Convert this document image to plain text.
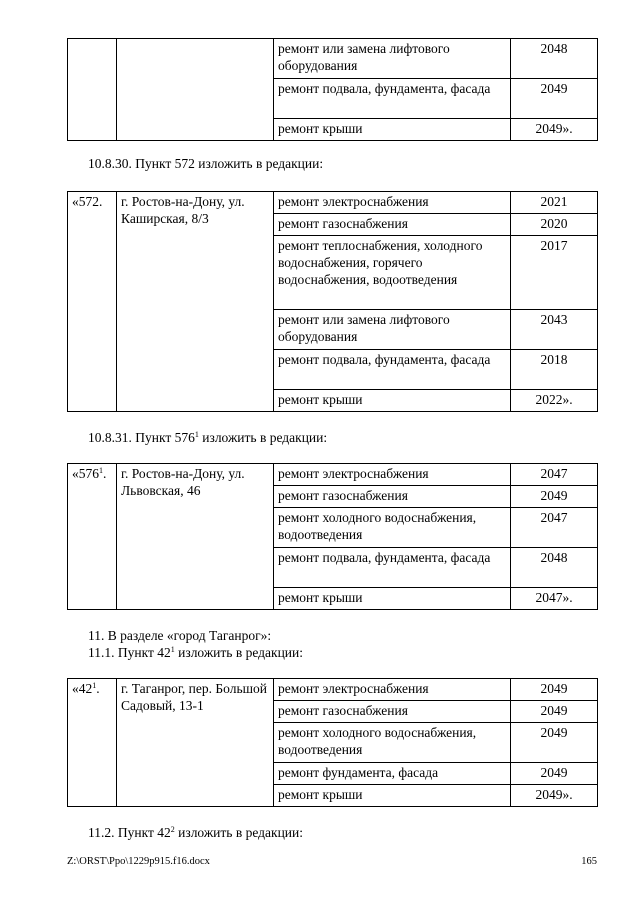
		ремонт или замена лифтового оборудования	2048
		ремонт подвала, фундамента, фасада	2049
		ремонт крыши	2049».
10.8.30. Пункт 572 изложить в редакции:
«572.	г. Ростов-на-Дону, ул. Каширская, 8/3	ремонт электроснабжения	2021
		ремонт газоснабжения	2020
		ремонт теплоснабжения, холодного водоснабжения, горячего водоснабжения, водоотведения	2017
		ремонт или замена лифтового оборудования	2043
		ремонт подвала, фундамента, фасада	2018
		ремонт крыши	2022».
10.8.31. Пункт $576^1$ изложить в редакции:
«$576^1$.	г. Ростов-на-Дону, ул. Львовская, 46	ремонт электроснабжения	2047
		ремонт газоснабжения	2049
		ремонт холодного водоснабжения, водоотведения	2047
		ремонт подвала, фундамента, фасада	2048
		ремонт крыши	2047».
11. В разделе «город Таганрог»:
11.1. Пункт $42^1$ изложить в редакции:
«$42^1$.	г. Таганрог, пер. Большой Садовый, 13-1	ремонт электроснабжения	2049
		ремонт газоснабжения	2049
		ремонт холодного водоснабжения, водоотведения	2049
		ремонт фундамента, фасада	2049
		ремонт крыши	2049».
11.2. Пункт $42^2$ изложить в редакции:
Z:\ORST\Ppo\1229p915.f16.docx	165
